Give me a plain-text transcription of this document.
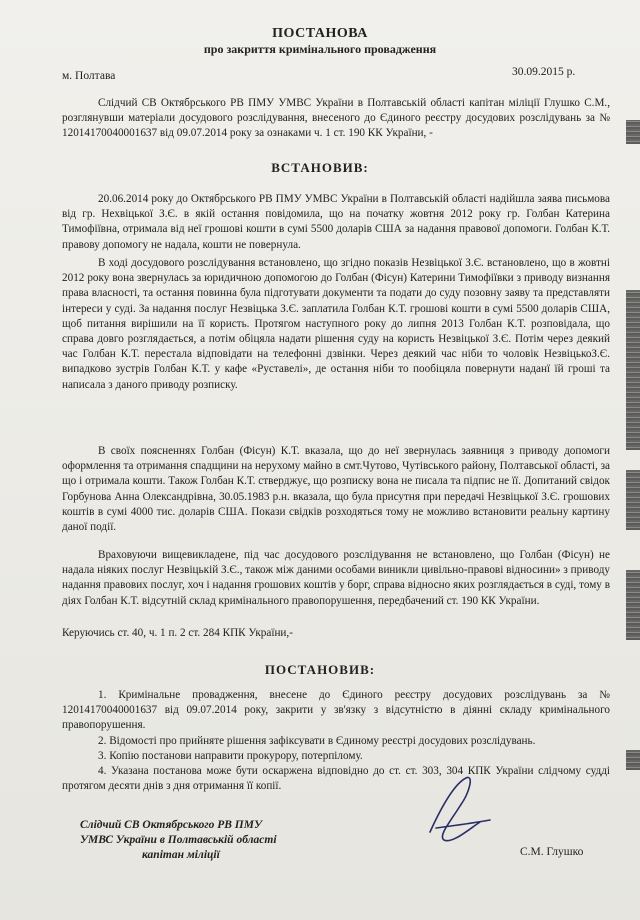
ПОСТАНОВА
про закриття кримінального провадження
м. Полтава	30.09.2015 р.

Слідчий СВ Октябрського РВ ПМУ УМВС України в Полтавській області капітан міліції Глушко С.М., розглянувши матеріали досудового розслідування, внесеного до Єдиного реєстру досудових розслідувань за № 12014170040001637 від 09.07.2014 року за ознаками ч. 1 ст. 190 КК України, -

ВСТАНОВИВ:

20.06.2014 року до Октябрського РВ ПМУ УМВС України в Полтавській області надійшла заява письмова від гр. Нехвіцької З.Є. в якій остання повідомила, що на початку жовтня 2012 року гр. Голбан Катерина Тимофіївна, отримала від неї грошові кошти в сумі 5500 доларів США за надання правової допомоги. Голбан К.Т. правову допомогу не надала, кошти не повернула.

В ході досудового розслідування встановлено, що згідно показів Незвіцької З.Є. встановлено, що в жовтні 2012 року вона звернулась за юридичною допомогою до Голбан (Фісун) Катерини Тимофіївки з приводу визнання права власності, та остання повинна була підготувати документи та подати до суду позовну заяву та представляти інтереси у суді. За надання послуг Незвіцька З.Є. заплатила Голбан К.Т. грошові кошти в сумі 5500 доларів США, щоб питання вирішили на її користь. Протягом наступного року до липня 2013 Голбан К.Т. розповідала, що справа довго розглядається, а потім обіцяла надати рішення суду на користь Незвіцької З.Є. Потім через деякий час Голбан К.Т. перестала відповідати на телефонні дзвінки. Через деякий час ніби то чоловік НезвіцькоЗ.Є. випадково зустрів Голбан К.Т. у кафе «Руставелі», де остання ніби то пообіцяла повернути наданї їй гроші та написала з даного приводу розписку.

В своїх поясненнях Голбан (Фісун) К.Т. вказала, що до неї звернулась заявниця з приводу допомоги оформлення та отримання спадщини на нерухому майно в смт.Чутово, Чутівського району, Полтавської області, за що і отримала кошти. Також Голбан К.Т. стверджує, що розписку вона не писала та підпис не її. Допитаний свідок Горбунова Анна Олександрівна, 30.05.1983 р.н. вказала, що була присутня при передачі Незвіцької З.Є. грошових коштів в сумі 4000 тис. доларів США. Покази свідків розходяться тому не можливо встановити реальну картину даної події.

Враховуючи вищевикладене, під час досудового розслідування не встановлено, що Голбан (Фісун) не надала ніяких послуг Незвіцькій З.Є., також між даними особами виникли цивільно-правові відносини» з приводу надання правових послуг, хоч і надання грошових коштів у борг, справа відносно яких розглядається в суді, тому в діях Голбан К.Т. відсутній склад кримінального правопорушення, передбачений ст. 190 КК України.

Керуючись ст. 40, ч. 1 п. 2 ст. 284 КПК України,-

ПОСТАНОВИВ:

1. Кримінальне провадження, внесене до Єдиного реєстру досудових розслідувань за № 12014170040001637 від 09.07.2014 року, закрити у зв'язку з відсутністю в діянні складу кримінального правопорушення.

2. Відомості про прийняте рішення зафіксувати в Єдиному реєстрі досудових розслідувань.

3. Копію постанови направити прокурору, потерпілому.

4. Указана постанова може бути оскаржена відповідно до ст. ст. 303, 304 КПК України слідчому судді протягом десяти днів з дня отримання її копії.

Слідчий СВ Октябрського РВ ПМУ
УМВС України в Полтавській області
капітан міліції	С.М. Глушко
